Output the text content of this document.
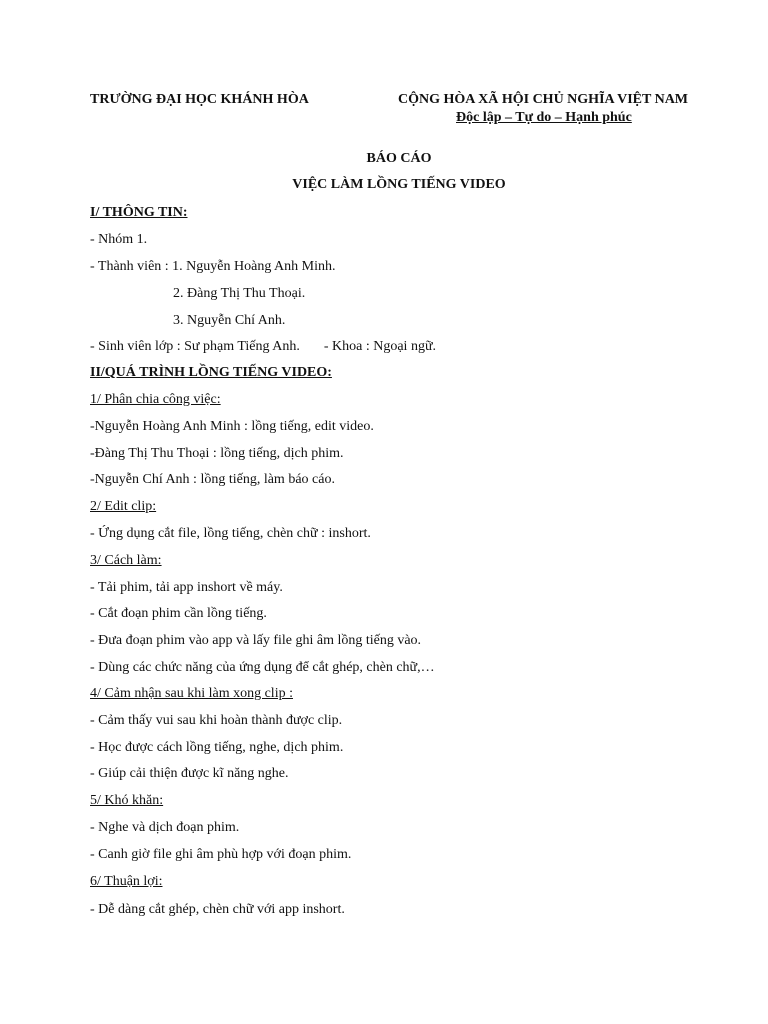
TRƯỜNG ĐẠI HỌC KHÁNH HÒA	CỘNG HÒA XÃ HỘI CHỦ NGHĨA VIỆT NAM
Độc lập – Tự do – Hạnh phúc
BÁO CÁO
VIỆC LÀM LỒNG TIẾNG VIDEO
I/ THÔNG TIN:
- Nhóm 1.
- Thành viên : 1. Nguyễn Hoàng Anh Minh.
2. Đàng Thị Thu Thoại.
3. Nguyễn Chí Anh.
- Sinh viên lớp : Sư phạm Tiếng Anh. - Khoa : Ngoại ngữ.
II/QUÁ TRÌNH LỒNG TIẾNG VIDEO:
1/ Phân chia công việc:
-Nguyễn Hoàng Anh Minh : lồng tiếng, edit video.
-Đàng Thị Thu Thoại : lồng tiếng, dịch phim.
-Nguyễn Chí Anh : lồng tiếng, làm báo cáo.
2/ Edit clip:
- Ứng dụng cắt file, lồng tiếng, chèn chữ : inshort.
3/ Cách làm:
- Tải phim, tải app inshort về máy.
- Cắt đoạn phim cần lồng tiếng.
- Đưa đoạn phim vào app và lấy file ghi âm lồng tiếng vào.
- Dùng các chức năng của ứng dụng để cắt ghép, chèn chữ,…
4/ Cảm nhận sau khi làm xong clip :
- Cảm thấy vui sau khi hoàn thành được clip.
- Học được cách lồng tiếng, nghe, dịch phim.
- Giúp cải thiện được kĩ năng nghe.
5/ Khó khăn:
- Nghe và dịch đoạn phim.
- Canh giờ file ghi âm phù hợp với đoạn phim.
6/ Thuận lợi:
- Dễ dàng cắt ghép, chèn chữ với app inshort.
